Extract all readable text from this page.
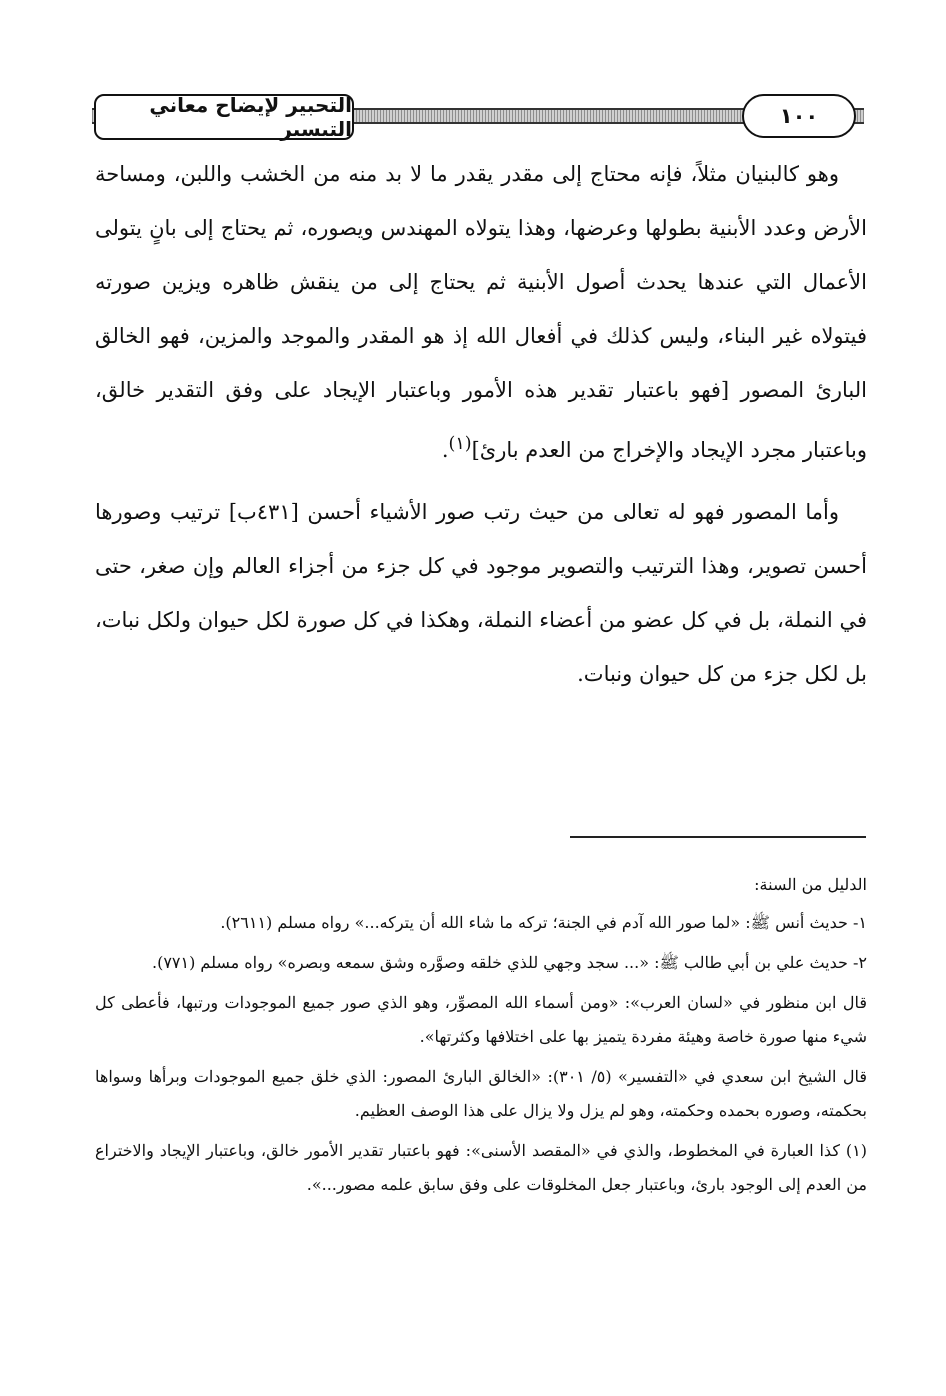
التحبير لإيضاح معاني التيسير
١٠٠

وهو كالبنيان مثلاً، فإنه محتاج إلى مقدر يقدر ما لا بد منه من الخشب واللبن، ومساحة الأرض وعدد الأبنية بطولها وعرضها، وهذا يتولاه المهندس ويصوره، ثم يحتاج إلى بانٍ يتولى الأعمال التي عندها يحدث أصول الأبنية ثم يحتاج إلى من ينقش ظاهره ويزين صورته فيتولاه غير البناء، وليس كذلك في أفعال الله إذ هو المقدر والموجد والمزين، فهو الخالق البارئ المصور [فهو باعتبار تقدير هذه الأمور وباعتبار الإيجاد على وفق التقدير خالق، وباعتبار مجرد الإيجاد والإخراج من العدم بارئ]$^{(١)}$.

وأما المصور فهو له تعالى من حيث رتب صور الأشياء أحسن [٤٣١ب] ترتيب وصورها أحسن تصوير، وهذا الترتيب والتصوير موجود في كل جزء من أجزاء العالم وإن صغر، حتى في النملة، بل في كل عضو من أعضاء النملة، وهكذا في كل صورة لكل حيوان ولكل نبات، بل لكل جزء من كل حيوان ونبات.

الدليل من السنة:

١- حديث أنس ﷺ: «لما صور الله آدم في الجنة؛ تركه ما شاء الله أن يتركه...» رواه مسلم (٢٦١١).

٢- حديث علي بن أبي طالب ﷺ: «... سجد وجهي للذي خلقه وصوَّره وشق سمعه وبصره» رواه مسلم (٧٧١).

قال ابن منظور في «لسان العرب»: «ومن أسماء الله المصوِّر، وهو الذي صور جميع الموجودات ورتبها، فأعطى كل شيء منها صورة خاصة وهيئة مفردة يتميز بها على اختلافها وكثرتها».

قال الشيخ ابن سعدي في «التفسير» (٥/ ٣٠١): «الخالق البارئ المصور: الذي خلق جميع الموجودات وبرأها وسواها بحكمته، وصوره بحمده وحكمته، وهو لم يزل ولا يزال على هذا الوصف العظيم.

(١) كذا العبارة في المخطوط، والذي في «المقصد الأسنى»: فهو باعتبار تقدير الأمور خالق، وباعتبار الإيجاد والاختراع من العدم إلى الوجود بارئ، وباعتبار جعل المخلوقات على وفق سابق علمه مصور...».
